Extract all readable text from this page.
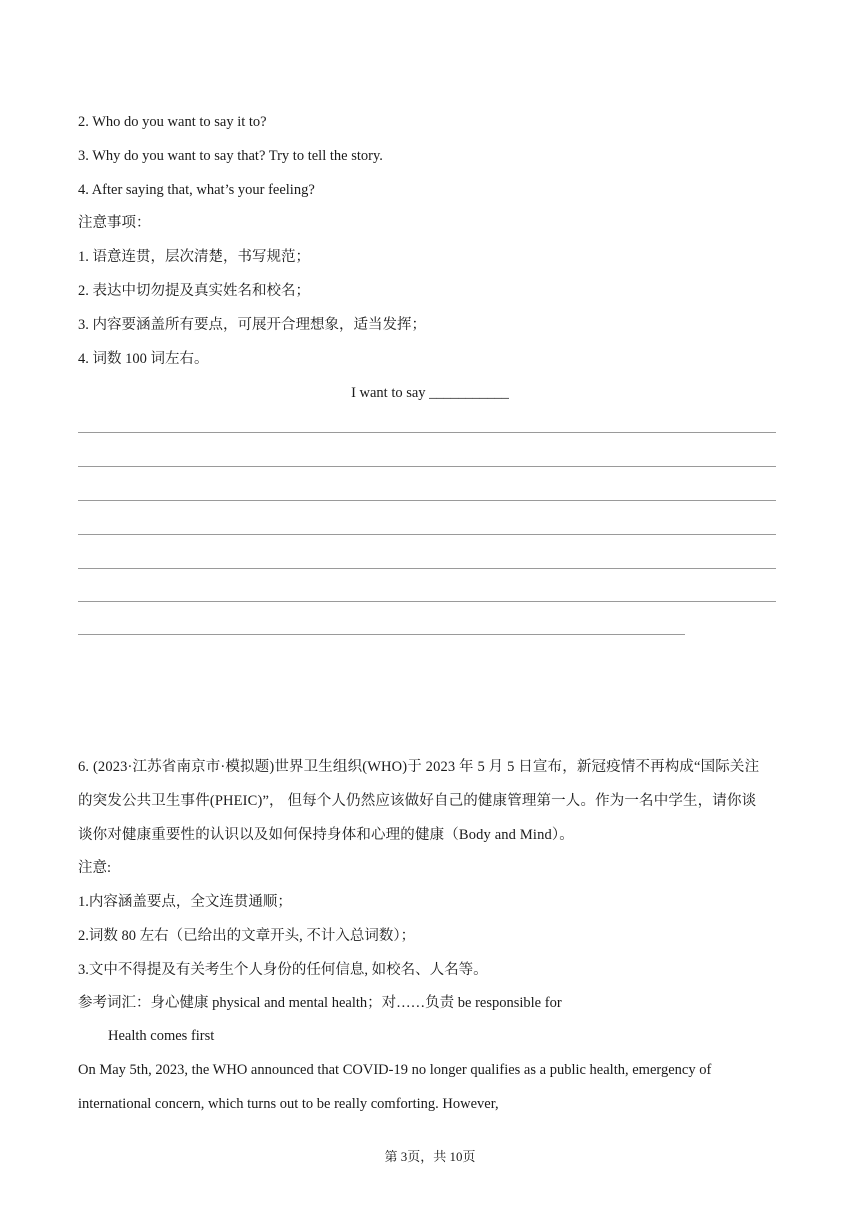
2. Who do you want to say it to?
3. Why do you want to say that? Try to tell the story.
4. After saying that, what’s your feeling?
注意事项：
1. 语意连贯，层次清楚，书写规范；
2. 表达中切勿提及真实姓名和校名；
3. 内容要涵盖所有要点，可展开合理想象，适当发挥；
4. 词数 100 词左右。
I want to say ___________
6. (2023·江苏省南京市·模拟题)世界卫生组织(WHO)于 2023 年 5 月 5 日宣布，新冠疫情不再构成“国际关注
的突发公共卫生事件(PHEIC)”， 但每个人仍然应该做好自己的健康管理第一人。作为一名中学生，请你谈
谈你对健康重要性的认识以及如何保持身体和心理的健康（Body and Mind）。
注意:
1.内容涵盖要点，全文连贯通顺；
2.词数 80 左右（已给出的文章开头, 不计入总词数）；
3.文中不得提及有关考生个人身份的任何信息, 如校名、人名等。
参考词汇：身心健康 physical and mental health；对……负责 be responsible for
Health comes first
On May 5th, 2023, the WHO announced that COVID-19 no longer qualifies as a public health, emergency of
international concern, which turns out to be really comforting. However,
第 3页，共 10页
